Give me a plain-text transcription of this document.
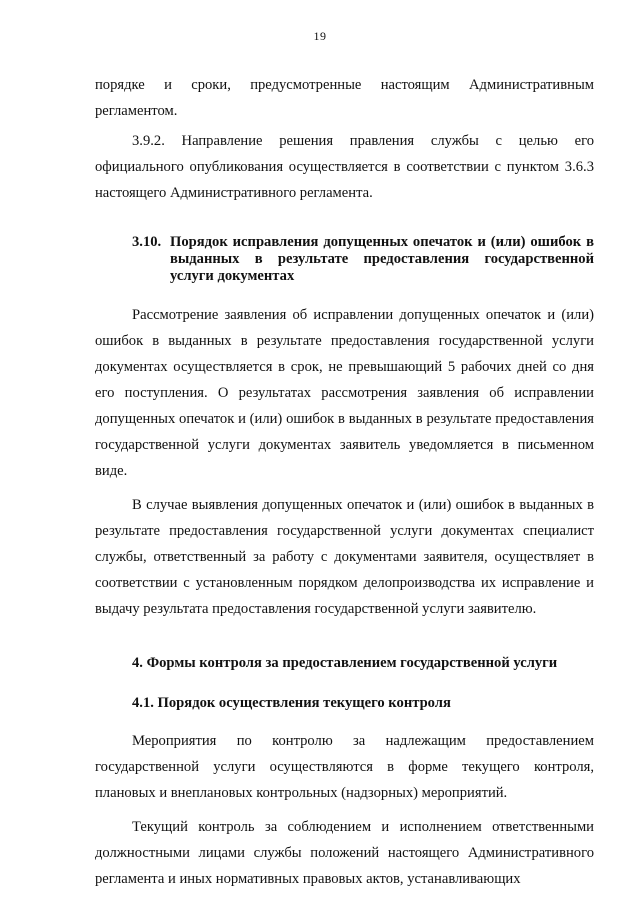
19

порядке и сроки, предусмотренные настоящим Административным регламентом.

3.9.2. Направление решения правления службы с целью его официального опубликования осуществляется в соответствии с пунктом 3.6.3 настоящего Административного регламента.

3.10. Порядок исправления допущенных опечаток и (или) ошибок в выданных в результате предоставления государственной услуги документах

Рассмотрение заявления об исправлении допущенных опечаток и (или) ошибок в выданных в результате предоставления государственной услуги документах осуществляется в срок, не превышающий 5 рабочих дней со дня его поступления. О результатах рассмотрения заявления об исправлении допущенных опечаток и (или) ошибок в выданных в результате предоставления государственной услуги документах заявитель уведомляется в письменном виде.

В случае выявления допущенных опечаток и (или) ошибок в выданных в результате предоставления государственной услуги документах специалист службы, ответственный за работу с документами заявителя, осуществляет в соответствии с установленным порядком делопроизводства их исправление и выдачу результата предоставления государственной услуги заявителю.

4. Формы контроля за предоставлением государственной услуги
4.1. Порядок осуществления текущего контроля

Мероприятия по контролю за надлежащим предоставлением государственной услуги осуществляются в форме текущего контроля, плановых и внеплановых контрольных (надзорных) мероприятий.

Текущий контроль за соблюдением и исполнением ответственными должностными лицами службы положений настоящего Административного регламента и иных нормативных правовых актов, устанавливающих
